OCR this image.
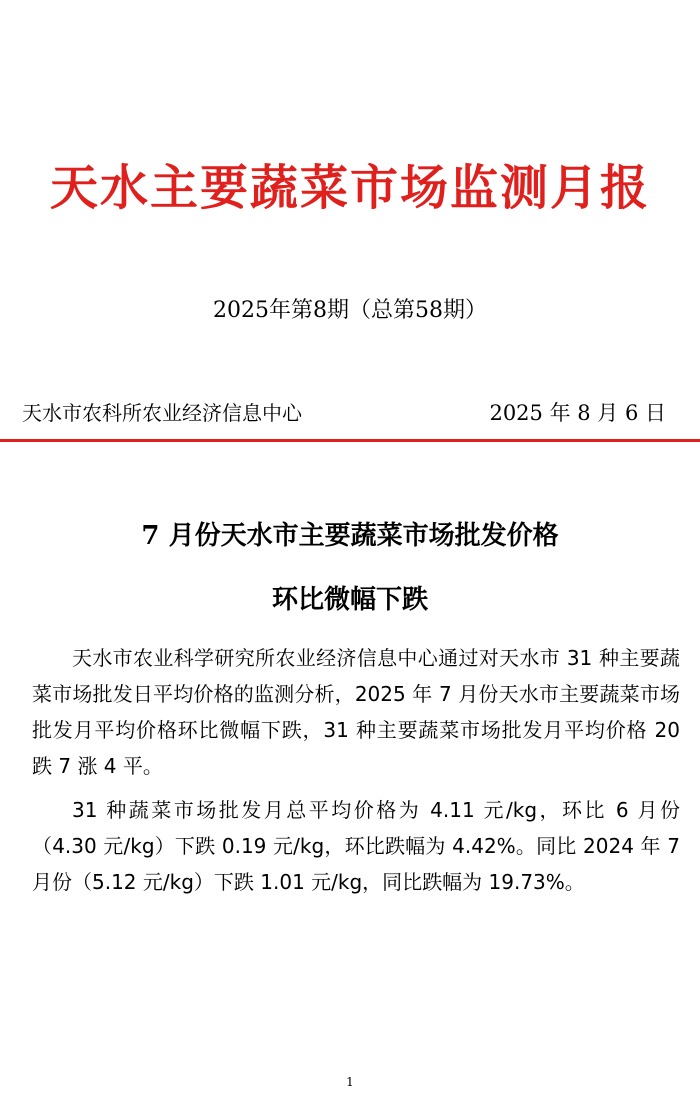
天水主要蔬菜市场监测月报
2025年第8期（总第58期）
天水市农科所农业经济信息中心	2025 年 8 月 6 日
7 月份天水市主要蔬菜市场批发价格
环比微幅下跌

天水市农业科学研究所农业经济信息中心通过对天水市 31 种主要蔬菜市场批发日平均价格的监测分析，2025 年 7 月份天水市主要蔬菜市场批发月平均价格环比微幅下跌，31 种主要蔬菜市场批发月平均价格 20 跌 7 涨 4 平。

31 种蔬菜市场批发月总平均价格为 4.11 元/kg，环比 6 月份（4.30 元/kg）下跌 0.19 元/kg，环比跌幅为 4.42%。同比 2024 年 7 月份（5.12 元/kg）下跌 1.01 元/kg，同比跌幅为 19.73%。

1
